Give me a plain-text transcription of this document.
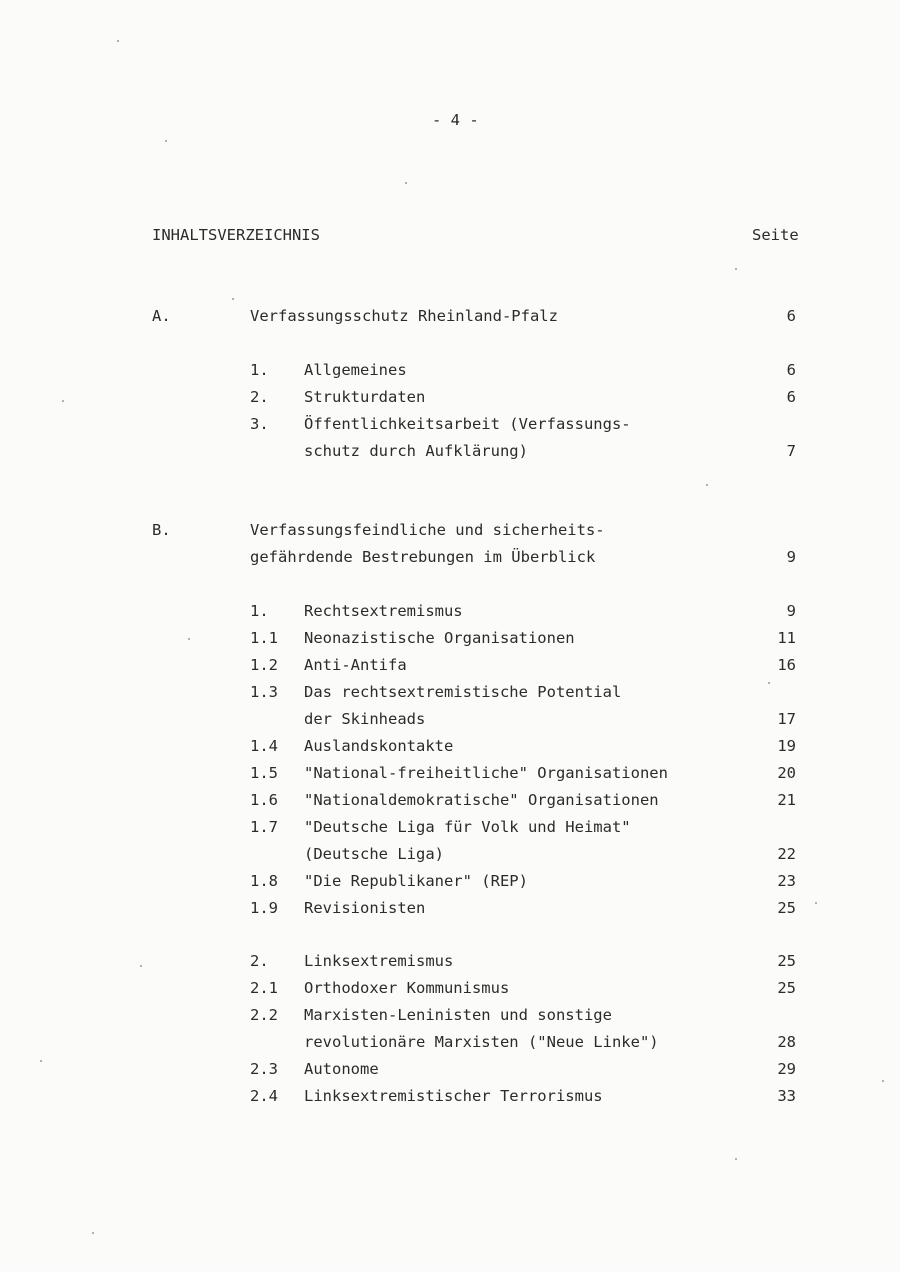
- 4 -
INHALTSVERZEICHNIS	Seite
A.	Verfassungsschutz Rheinland-Pfalz	6
1. Allgemeines	6
2. Strukturdaten	6
3. Öffentlichkeitsarbeit (Verfassungs-
schutz durch Aufklärung)	7
B.	Verfassungsfeindliche und sicherheits-
gefährdende Bestrebungen im Überblick	9
1. Rechtsextremismus	9
1.1 Neonazistische Organisationen	11
1.2 Anti-Antifa	16
1.3 Das rechtsextremistische Potential
der Skinheads	17
1.4 Auslandskontakte	19
1.5 "National-freiheitliche" Organisationen	20
1.6 "Nationaldemokratische" Organisationen	21
1.7 "Deutsche Liga für Volk und Heimat"
(Deutsche Liga)	22
1.8 "Die Republikaner" (REP)	23
1.9 Revisionisten	25
2. Linksextremismus	25
2.1 Orthodoxer Kommunismus	25
2.2 Marxisten-Leninisten und sonstige
revolutionäre Marxisten ("Neue Linke")	28
2.3 Autonome	29
2.4 Linksextremistischer Terrorismus	33
